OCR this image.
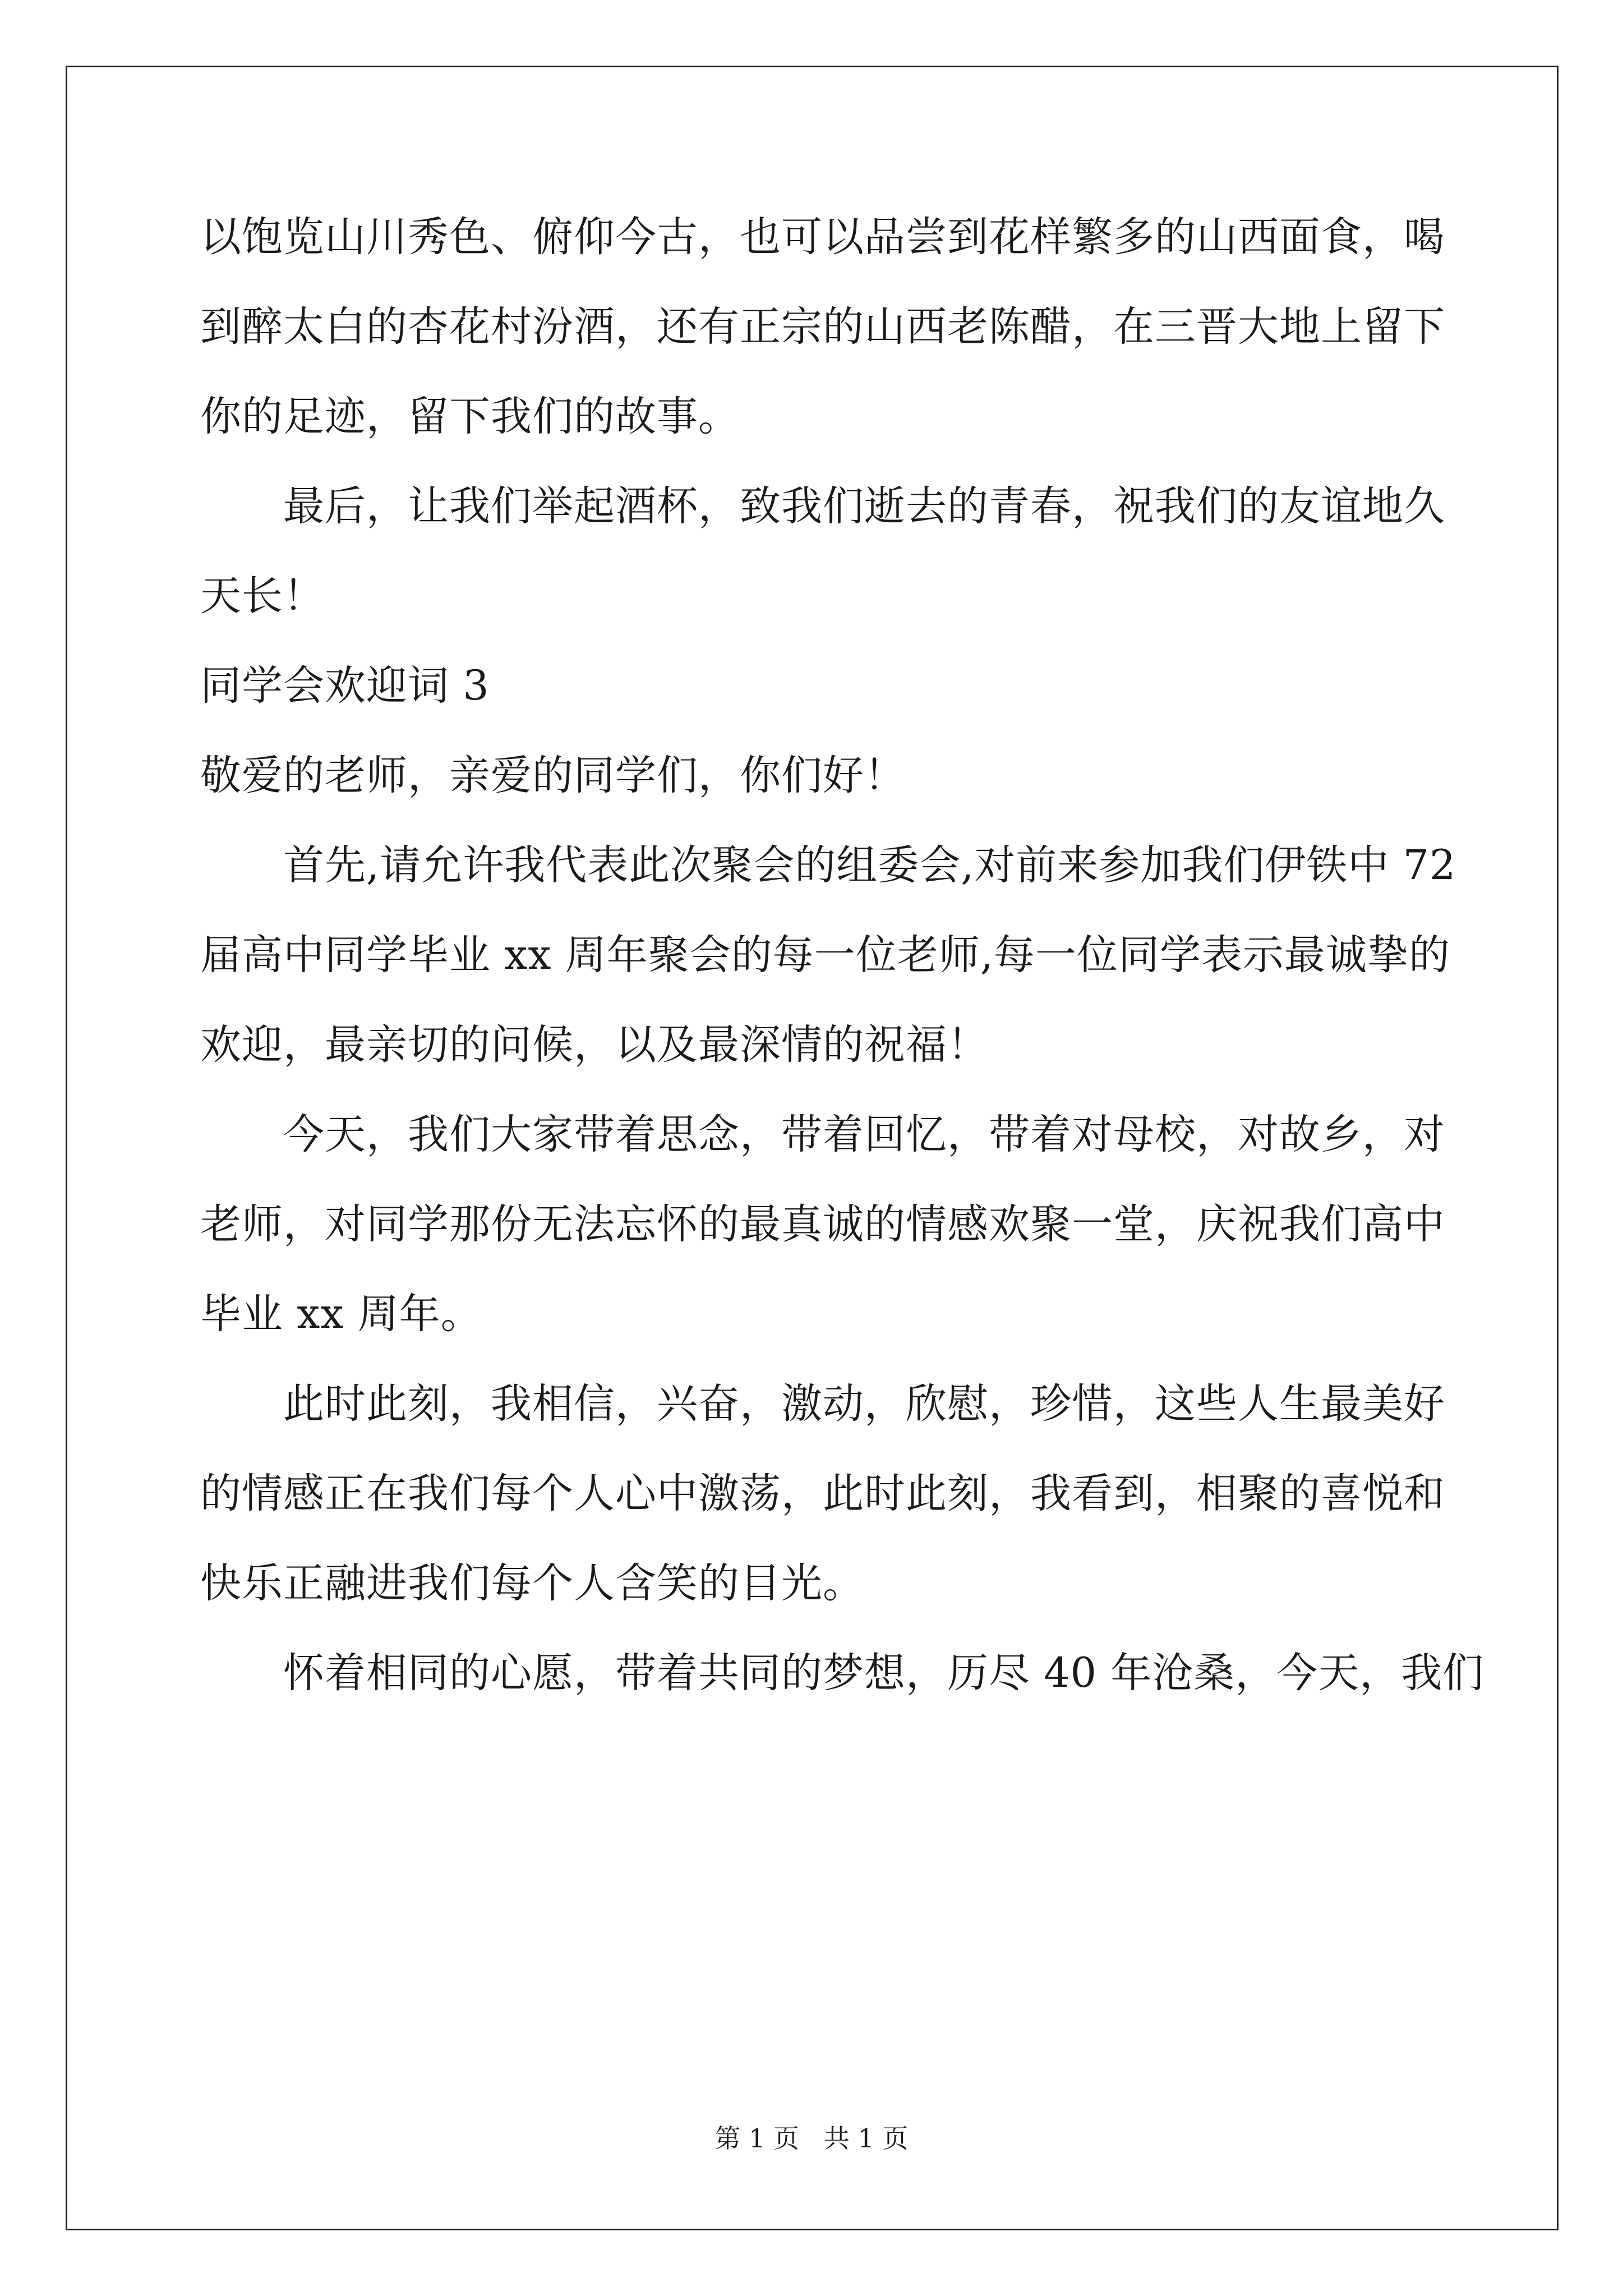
以饱览山川秀色、俯仰今古，也可以品尝到花样繁多的山西面食，喝
到醉太白的杏花村汾酒，还有正宗的山西老陈醋，在三晋大地上留下
你的足迹，留下我们的故事。
最后，让我们举起酒杯，致我们逝去的青春，祝我们的友谊地久
天长！
同学会欢迎词 3
敬爱的老师，亲爱的同学们，你们好！
首先,请允许我代表此次聚会的组委会,对前来参加我们伊铁中 72
届高中同学毕业 xx 周年聚会的每一位老师,每一位同学表示最诚挚的
欢迎，最亲切的问候，以及最深情的祝福！
今天，我们大家带着思念，带着回忆，带着对母校，对故乡，对
老师，对同学那份无法忘怀的最真诚的情感欢聚一堂，庆祝我们高中
毕业 xx 周年。
此时此刻，我相信，兴奋，激动，欣慰，珍惜，这些人生最美好
的情感正在我们每个人心中激荡，此时此刻，我看到，相聚的喜悦和
快乐正融进我们每个人含笑的目光。
怀着相同的心愿，带着共同的梦想，历尽 40 年沧桑，今天，我们
第 1 页   共 1 页
